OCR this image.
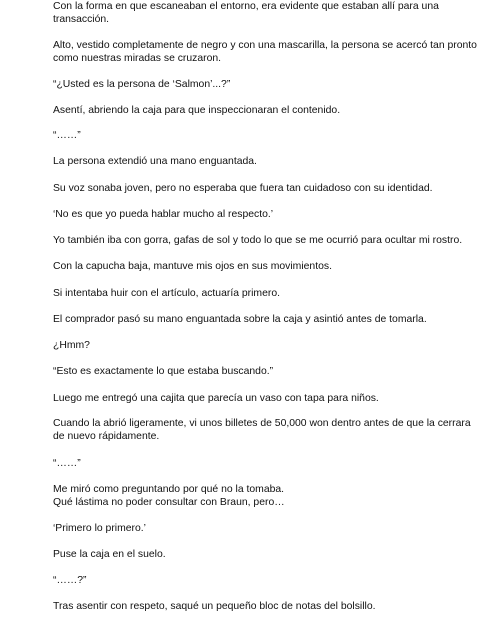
Con la forma en que escaneaban el entorno, era evidente que estaban allí para una
transacción.
Alto, vestido completamente de negro y con una mascarilla, la persona se acercó tan pronto
como nuestras miradas se cruzaron.
“¿Usted es la persona de ‘Salmon’...?”
Asentí, abriendo la caja para que inspeccionaran el contenido.
“……”
La persona extendió una mano enguantada.
Su voz sonaba joven, pero no esperaba que fuera tan cuidadoso con su identidad.
‘No es que yo pueda hablar mucho al respecto.’
Yo también iba con gorra, gafas de sol y todo lo que se me ocurrió para ocultar mi rostro.
Con la capucha baja, mantuve mis ojos en sus movimientos.
Si intentaba huir con el artículo, actuaría primero.
El comprador pasó su mano enguantada sobre la caja y asintió antes de tomarla.
¿Hmm?
“Esto es exactamente lo que estaba buscando.”
Luego me entregó una cajita que parecía un vaso con tapa para niños.
Cuando la abrió ligeramente, vi unos billetes de 50,000 won dentro antes de que la cerrara
de nuevo rápidamente.
“……”
Me miró como preguntando por qué no la tomaba.
Qué lástima no poder consultar con Braun, pero…
‘Primero lo primero.’
Puse la caja en el suelo.
“……?”
Tras asentir con respeto, saqué un pequeño bloc de notas del bolsillo.
